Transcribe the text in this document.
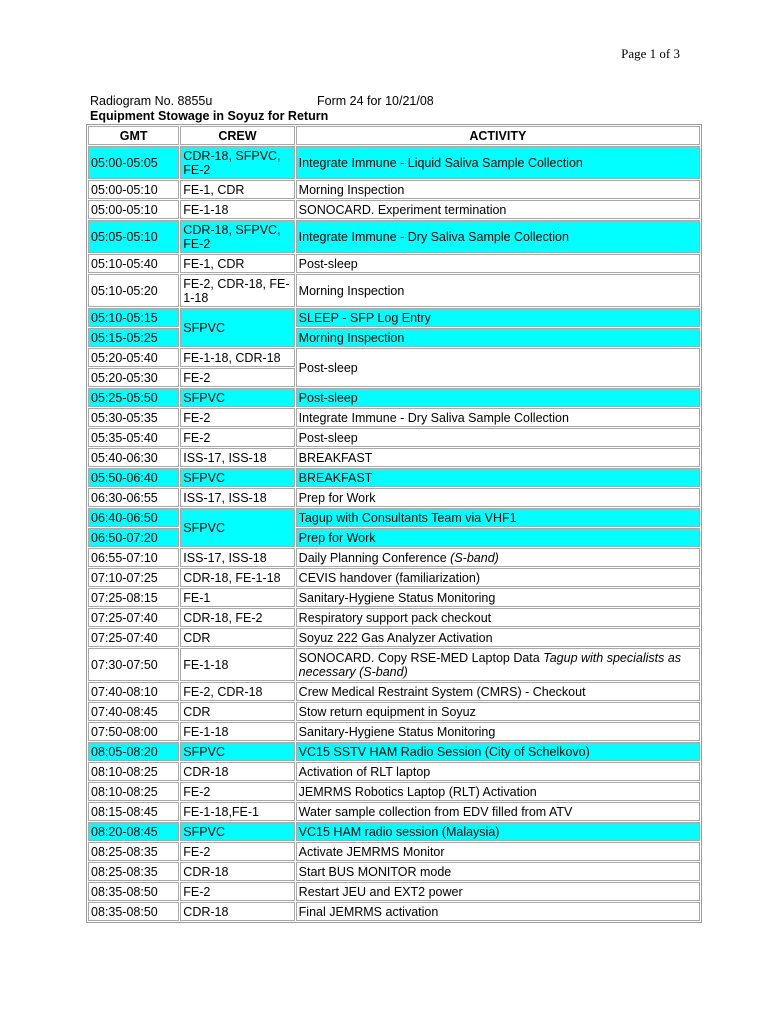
Page 1 of 3
Radiogram No. 8855u	Form 24 for 10/21/08
Equipment Stowage in Soyuz for Return
GMT	CREW	ACTIVITY
05:00-05:05	CDR-18, SFPVC, FE-2	Integrate Immune - Liquid Saliva Sample Collection
05:00-05:10	FE-1, CDR	Morning Inspection
05:00-05:10	FE-1-18	SONOCARD. Experiment termination
05:05-05:10	CDR-18, SFPVC, FE-2	Integrate Immune - Dry Saliva Sample Collection
05:10-05:40	FE-1, CDR	Post-sleep
05:10-05:20	FE-2, CDR-18, FE-1-18	Morning Inspection
05:10-05:15	SFPVC	SLEEP - SFP Log Entry
05:15-05:25		Morning Inspection
05:20-05:40	FE-1-18, CDR-18	Post-sleep
05:20-05:30	FE-2	
05:25-05:50	SFPVC	Post-sleep
05:30-05:35	FE-2	Integrate Immune - Dry Saliva Sample Collection
05:35-05:40	FE-2	Post-sleep
05:40-06:30	ISS-17, ISS-18	BREAKFAST
05:50-06:40	SFPVC	BREAKFAST
06:30-06:55	ISS-17, ISS-18	Prep for Work
06:40-06:50	SFPVC	Tagup with Consultants Team via VHF1
06:50-07:20		Prep for Work
06:55-07:10	ISS-17, ISS-18	Daily Planning Conference (S-band)
07:10-07:25	CDR-18, FE-1-18	CEVIS handover (familiarization)
07:25-08:15	FE-1	Sanitary-Hygiene Status Monitoring
07:25-07:40	CDR-18, FE-2	Respiratory support pack checkout
07:25-07:40	CDR	Soyuz 222 Gas Analyzer Activation
07:30-07:50	FE-1-18	SONOCARD. Copy RSE-MED Laptop Data Tagup with specialists as necessary (S-band)
07:40-08:10	FE-2, CDR-18	Crew Medical Restraint System (CMRS) - Checkout
07:40-08:45	CDR	Stow return equipment in Soyuz
07:50-08:00	FE-1-18	Sanitary-Hygiene Status Monitoring
08:05-08:20	SFPVC	VC15 SSTV HAM Radio Session (City of Schelkovo)
08:10-08:25	CDR-18	Activation of RLT laptop
08:10-08:25	FE-2	JEMRMS Robotics Laptop (RLT) Activation
08:15-08:45	FE-1-18,FE-1	Water sample collection from EDV filled from ATV
08:20-08:45	SFPVC	VC15 HAM radio session (Malaysia)
08:25-08:35	FE-2	Activate JEMRMS Monitor
08:25-08:35	CDR-18	Start BUS MONITOR mode
08:35-08:50	FE-2	Restart JEU and EXT2 power
08:35-08:50	CDR-18	Final JEMRMS activation
